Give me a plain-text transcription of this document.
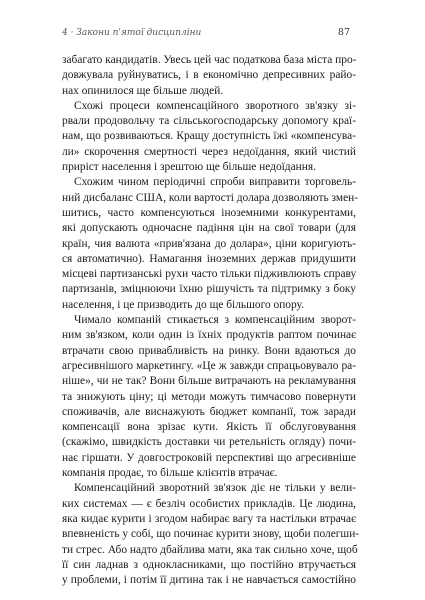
4 · Закони п'ятої дисципліни	87
забагато кандидатів. Увесь цей час податкова база міста про-
довжувала руйнуватись, і в економічно депресивних райо-
нах опинилося ще більше людей.
Схожі процеси компенсаційного зворотного зв'язку зі-
рвали продовольчу та сільськогосподарську допомогу краї-
нам, що розвиваються. Кращу доступність їжі «компенсува-
ли» скорочення смертності через недоїдання, який чистий
приріст населення і зрештою ще більше недоїдання.
Схожим чином періодичні спроби виправити торговель-
ний дисбаланс США, коли вартості долара дозволяють змен-
шитись, часто компенсуються іноземними конкурентами,
які допускають одночасне падіння цін на свої товари (для
країн, чия валюта «прив'язана до долара», ціни коригують-
ся автоматично). Намагання іноземних держав придушити
місцеві партизанські рухи часто тільки підживлюють справу
партизанів, зміцнюючи їхню рішучість та підтримку з боку
населення, і це призводить до ще більшого опору.
Чимало компаній стикається з компенсаційним зворот-
ним зв'язком, коли один із їхніх продуктів раптом починає
втрачати свою привабливість на ринку. Вони вдаються до
агресивнішого маркетингу. «Це ж завжди спрацьовувало ра-
ніше», чи не так? Вони більше витрачають на рекламування
та знижують ціну; ці методи можуть тимчасово повернути
споживачів, але виснажують бюджет компанії, тож заради
компенсації вона зрізає кути. Якість її обслуговування
(скажімо, швидкість доставки чи ретельність огляду) почи-
нає гіршати. У довгостроковій перспективі що агресивніше
компанія продає, то більше клієнтів втрачає.
Компенсаційний зворотний зв'язок діє не тільки у вели-
ких системах — є безліч особистих прикладів. Це людина,
яка кидає курити і згодом набирає вагу та настільки втрачає
впевненість у собі, що починає курити знову, щоби полегши-
ти стрес. Або надто дбайлива мати, яка так сильно хоче, щоб
її син ладнав з однокласниками, що постійно втручається
у проблеми, і потім її дитина так і не навчається самостійно
